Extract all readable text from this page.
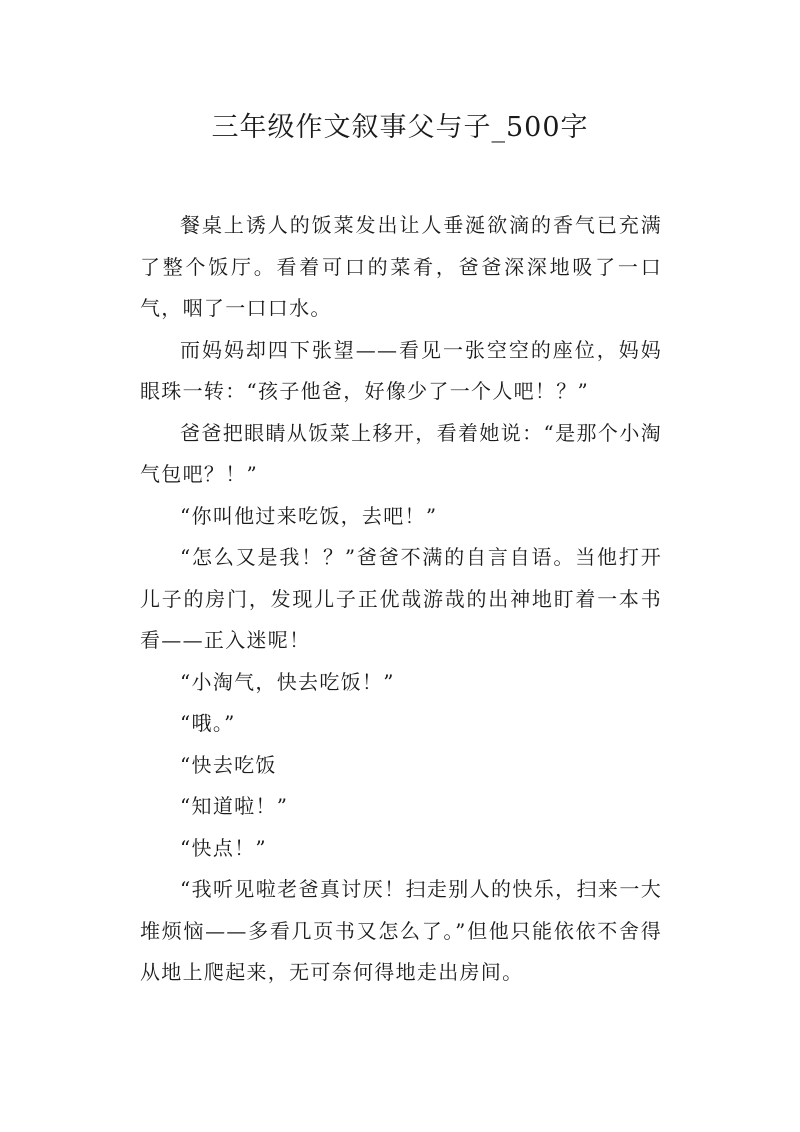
三年级作文叙事父与子_500字

餐桌上诱人的饭菜发出让人垂涎欲滴的香气已充满了整个饭厅。看着可口的菜肴，爸爸深深地吸了一口气，咽了一口口水。

而妈妈却四下张望——看见一张空空的座位，妈妈眼珠一转：“孩子他爸，好像少了一个人吧！？”

爸爸把眼睛从饭菜上移开，看着她说：“是那个小淘气包吧？！”

“你叫他过来吃饭，去吧！”

“怎么又是我！？”爸爸不满的自言自语。当他打开儿子的房门，发现儿子正优哉游哉的出神地盯着一本书看——正入迷呢！

“小淘气，快去吃饭！”

“哦。”

“快去吃饭

“知道啦！”

“快点！”

“我听见啦老爸真讨厌！扫走别人的快乐，扫来一大堆烦恼——多看几页书又怎么了。”但他只能依依不舍得从地上爬起来，无可奈何得地走出房间。
